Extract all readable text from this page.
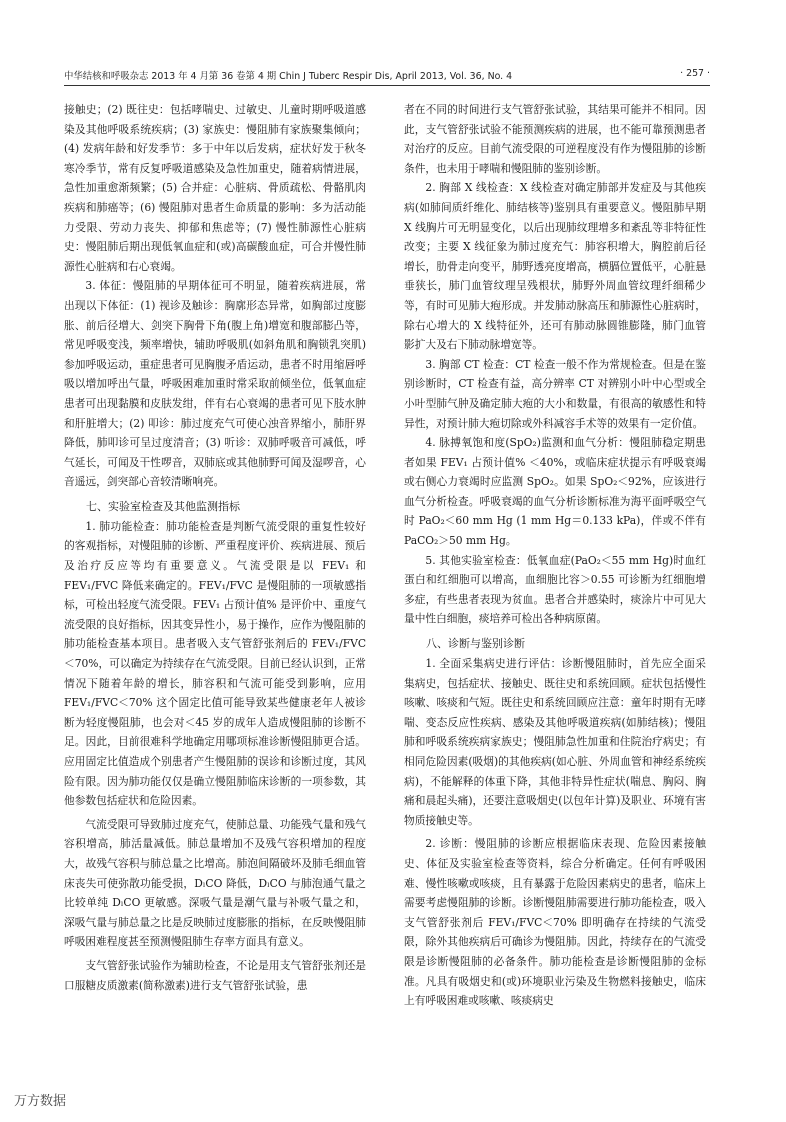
中华结核和呼吸杂志 2013 年 4 月第 36 卷第 4 期 Chin J Tuberc Respir Dis, April 2013, Vol. 36, No. 4	· 257 ·

接触史；(2) 既往史：包括哮喘史、过敏史、儿童时期呼吸道感染及其他呼吸系统疾病；(3) 家族史：慢阻肺有家族聚集倾向；(4) 发病年龄和好发季节：多于中年以后发病，症状好发于秋冬寒冷季节，常有反复呼吸道感染及急性加重史，随着病情进展，急性加重愈渐频繁；(5) 合并症：心脏病、骨质疏松、骨骼肌肉疾病和肺癌等；(6) 慢阻肺对患者生命质量的影响：多为活动能力受限、劳动力丧失、抑郁和焦虑等；(7) 慢性肺源性心脏病史：慢阻肺后期出现低氧血症和(或)高碳酸血症，可合并慢性肺源性心脏病和右心衰竭。

3. 体征：慢阻肺的早期体征可不明显，随着疾病进展，常出现以下体征：(1) 视诊及触诊：胸廓形态异常，如胸部过度膨胀、前后径增大、剑突下胸骨下角(腹上角)增宽和腹部膨凸等，常见呼吸变浅，频率增快，辅助呼吸肌(如斜角肌和胸锁乳突肌)参加呼吸运动，重症患者可见胸腹矛盾运动，患者不时用缩唇呼吸以增加呼出气量，呼吸困难加重时常采取前倾坐位，低氧血症患者可出现黏膜和皮肤发绀，伴有右心衰竭的患者可见下肢水肿和肝脏增大；(2) 叩诊：肺过度充气可使心浊音界缩小，肺肝界降低，肺叩诊可呈过度清音；(3) 听诊：双肺呼吸音可减低，呼气延长，可闻及干性啰音，双肺底或其他肺野可闻及湿啰音，心音遥远，剑突部心音较清晰响亮。

七、实验室检查及其他监测指标

1. 肺功能检查：肺功能检查是判断气流受限的重复性较好的客观指标，对慢阻肺的诊断、严重程度评价、疾病进展、预后及治疗反应等均有重要意义。气流受限是以 FEV₁ 和 FEV₁/FVC 降低来确定的。FEV₁/FVC 是慢阻肺的一项敏感指标，可检出轻度气流受限。FEV₁ 占预计值% 是评价中、重度气流受限的良好指标，因其变异性小，易于操作，应作为慢阻肺的肺功能检查基本项目。患者吸入支气管舒张剂后的 FEV₁/FVC＜70%，可以确定为持续存在气流受限。目前已经认识到，正常情况下随着年龄的增长，肺容积和气流可能受到影响，应用 FEV₁/FVC＜70% 这个固定比值可能导致某些健康老年人被诊断为轻度慢阻肺，也会对＜45 岁的成年人造成慢阻肺的诊断不足。因此，目前很难科学地确定用哪项标准诊断慢阻肺更合适。应用固定比值造成个别患者产生慢阻肺的误诊和诊断过度，其风险有限。因为肺功能仅仅是确立慢阻肺临床诊断的一项参数，其他参数包括症状和危险因素。

气流受限可导致肺过度充气，使肺总量、功能残气量和残气容积增高，肺活量减低。肺总量增加不及残气容积增加的程度大，故残气容积与肺总量之比增高。肺泡间隔破坏及肺毛细血管床丧失可使弥散功能受损，DₗCO 降低，DₗCO 与肺泡通气量之比较单纯 DₗCO 更敏感。深吸气量是潮气量与补吸气量之和，深吸气量与肺总量之比是反映肺过度膨胀的指标，在反映慢阻肺呼吸困难程度甚至预测慢阻肺生存率方面具有意义。

支气管舒张试验作为辅助检查，不论是用支气管舒张剂还是口服糖皮质激素(简称激素)进行支气管舒张试验，患

者在不同的时间进行支气管舒张试验，其结果可能并不相同。因此，支气管舒张试验不能预测疾病的进展，也不能可靠预测患者对治疗的反应。目前气流受限的可逆程度没有作为慢阻肺的诊断条件，也未用于哮喘和慢阻肺的鉴别诊断。

2. 胸部 X 线检查：X 线检查对确定肺部并发症及与其他疾病(如肺间质纤维化、肺结核等)鉴别具有重要意义。慢阻肺早期 X 线胸片可无明显变化，以后出现肺纹理增多和紊乱等非特征性改变；主要 X 线征象为肺过度充气：肺容积增大，胸腔前后径增长，肋骨走向变平，肺野透亮度增高，横膈位置低平，心脏悬垂狭长，肺门血管纹理呈残根状，肺野外周血管纹理纤细稀少等，有时可见肺大疱形成。并发肺动脉高压和肺源性心脏病时，除右心增大的 X 线特征外，还可有肺动脉圆锥膨隆，肺门血管影扩大及右下肺动脉增宽等。

3. 胸部 CT 检查：CT 检查一般不作为常规检查。但是在鉴别诊断时，CT 检查有益，高分辨率 CT 对辨别小叶中心型或全小叶型肺气肿及确定肺大疱的大小和数量，有很高的敏感性和特异性，对预计肺大疱切除或外科减容手术等的效果有一定价值。

4. 脉搏氧饱和度(SpO₂)监测和血气分析：慢阻肺稳定期患者如果 FEV₁ 占预计值% ＜40%，或临床症状提示有呼吸衰竭或右侧心力衰竭时应监测 SpO₂。如果 SpO₂＜92%，应该进行血气分析检查。呼吸衰竭的血气分析诊断标准为海平面呼吸空气时 PaO₂＜60 mm Hg (1 mm Hg＝0.133 kPa)，伴或不伴有 PaCO₂＞50 mm Hg。

5. 其他实验室检查：低氧血症(PaO₂＜55 mm Hg)时血红蛋白和红细胞可以增高，血细胞比容＞0.55 可诊断为红细胞增多症，有些患者表现为贫血。患者合并感染时，痰涂片中可见大量中性白细胞，痰培养可检出各种病原菌。

八、诊断与鉴别诊断

1. 全面采集病史进行评估：诊断慢阻肺时，首先应全面采集病史，包括症状、接触史、既往史和系统回顾。症状包括慢性咳嗽、咳痰和气短。既往史和系统回顾应注意：童年时期有无哮喘、变态反应性疾病、感染及其他呼吸道疾病(如肺结核)；慢阻肺和呼吸系统疾病家族史；慢阻肺急性加重和住院治疗病史；有相同危险因素(吸烟)的其他疾病(如心脏、外周血管和神经系统疾病)，不能解释的体重下降，其他非特异性症状(喘息、胸闷、胸痛和晨起头痛)，还要注意吸烟史(以包年计算)及职业、环境有害物质接触史等。

2. 诊断：慢阻肺的诊断应根据临床表现、危险因素接触史、体征及实验室检查等资料，综合分析确定。任何有呼吸困难、慢性咳嗽或咳痰，且有暴露于危险因素病史的患者，临床上需要考虑慢阻肺的诊断。诊断慢阻肺需要进行肺功能检查，吸入支气管舒张剂后 FEV₁/FVC＜70% 即明确存在持续的气流受限，除外其他疾病后可确诊为慢阻肺。因此，持续存在的气流受限是诊断慢阻肺的必备条件。肺功能检查是诊断慢阻肺的金标准。凡具有吸烟史和(或)环境职业污染及生物燃料接触史，临床上有呼吸困难或咳嗽、咳痰病史

万方数据
